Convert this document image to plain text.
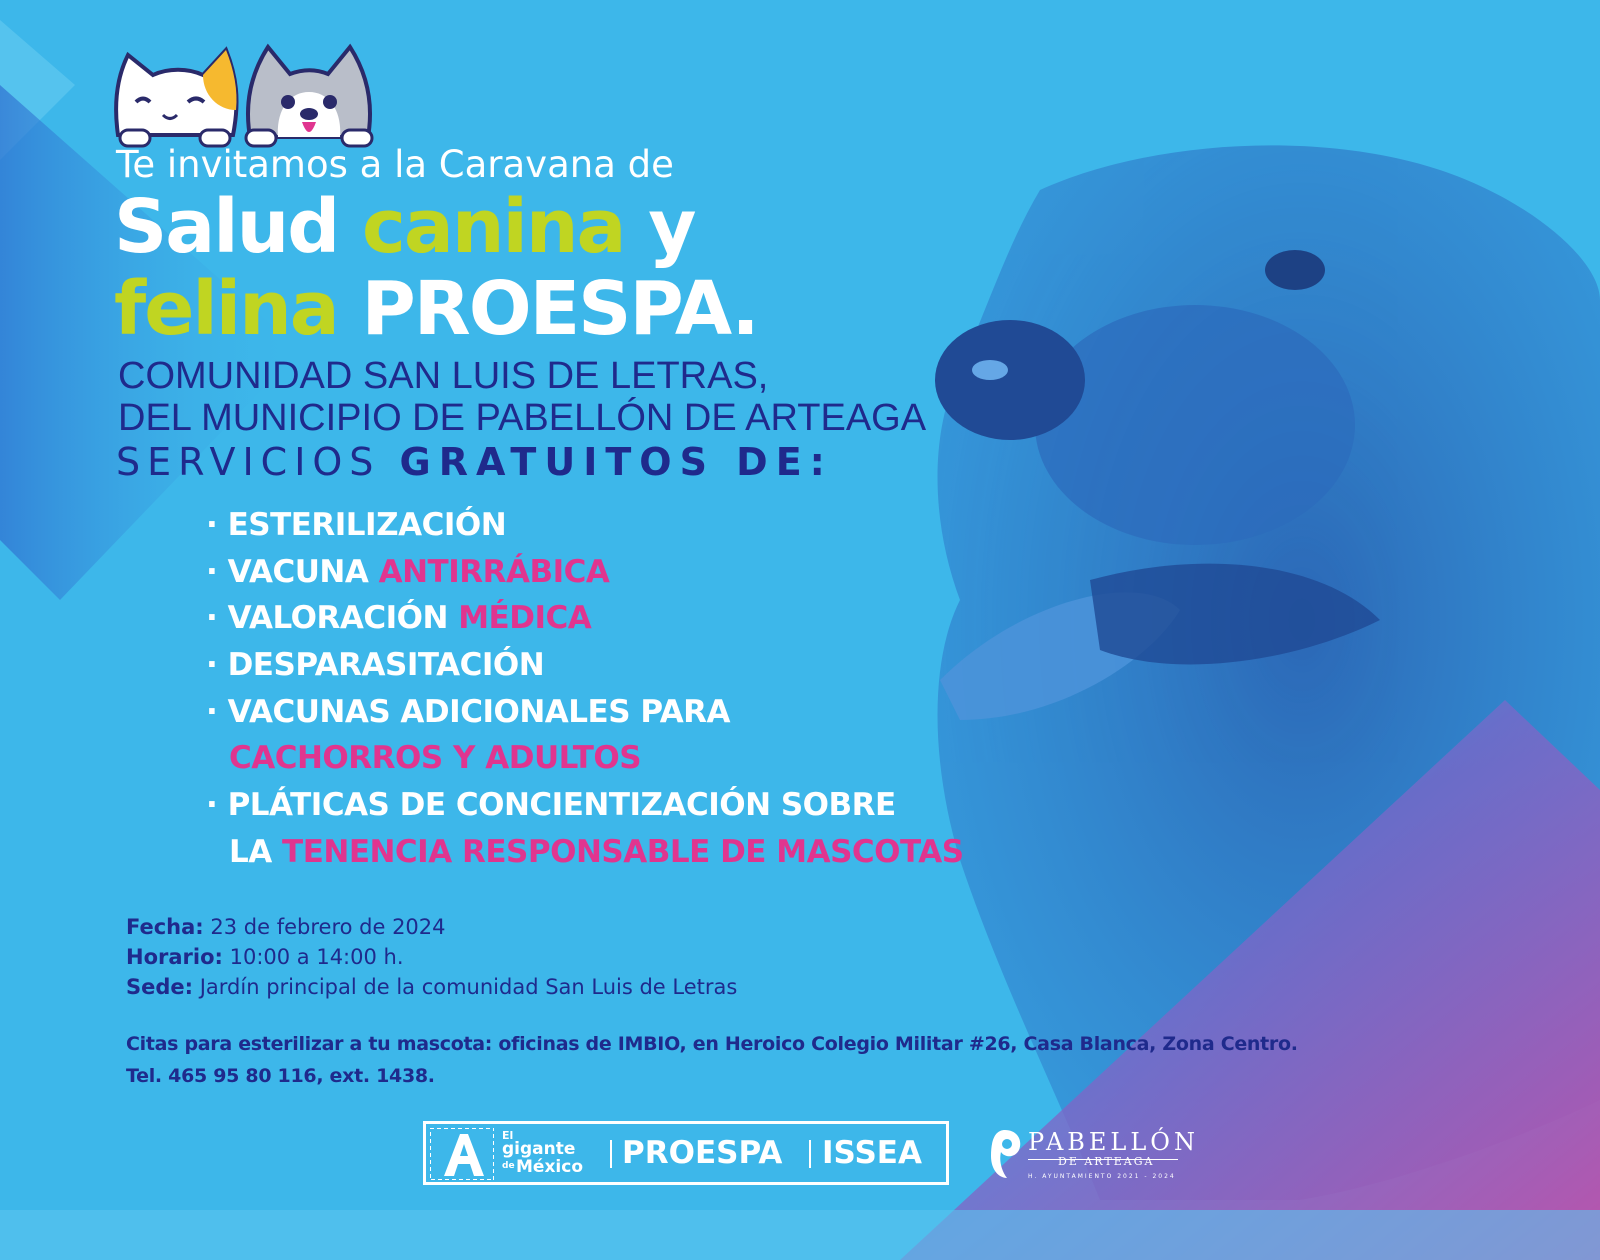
Te invitamos a la Caravana de
Salud canina y
felina PROESPA.
COMUNIDAD SAN LUIS DE LETRAS,
DEL MUNICIPIO DE PABELLÓN DE ARTEAGA
SERVICIOS GRATUITOS DE:
· ESTERILIZACIÓN
· VACUNA ANTIRRÁBICA
· VALORACIÓN MÉDICA
· DESPARASITACIÓN
· VACUNAS ADICIONALES PARA
CACHORROS Y ADULTOS
· PLÁTICAS DE CONCIENTIZACIÓN SOBRE
LA TENENCIA RESPONSABLE DE MASCOTAS
Fecha: 23 de febrero de 2024
Horario: 10:00 a 14:00 h.
Sede: Jardín principal de la comunidad San Luis de Letras
Citas para esterilizar a tu mascota: oficinas de IMBIO, en Heroico Colegio Militar #26, Casa Blanca, Zona Centro.
Tel. 465 95 80 116, ext. 1438.
El
gigante
de México PROESPA ISSEA	PABELLÓN
DE ARTEAGA
H. AYUNTAMIENTO 2021 - 2024
